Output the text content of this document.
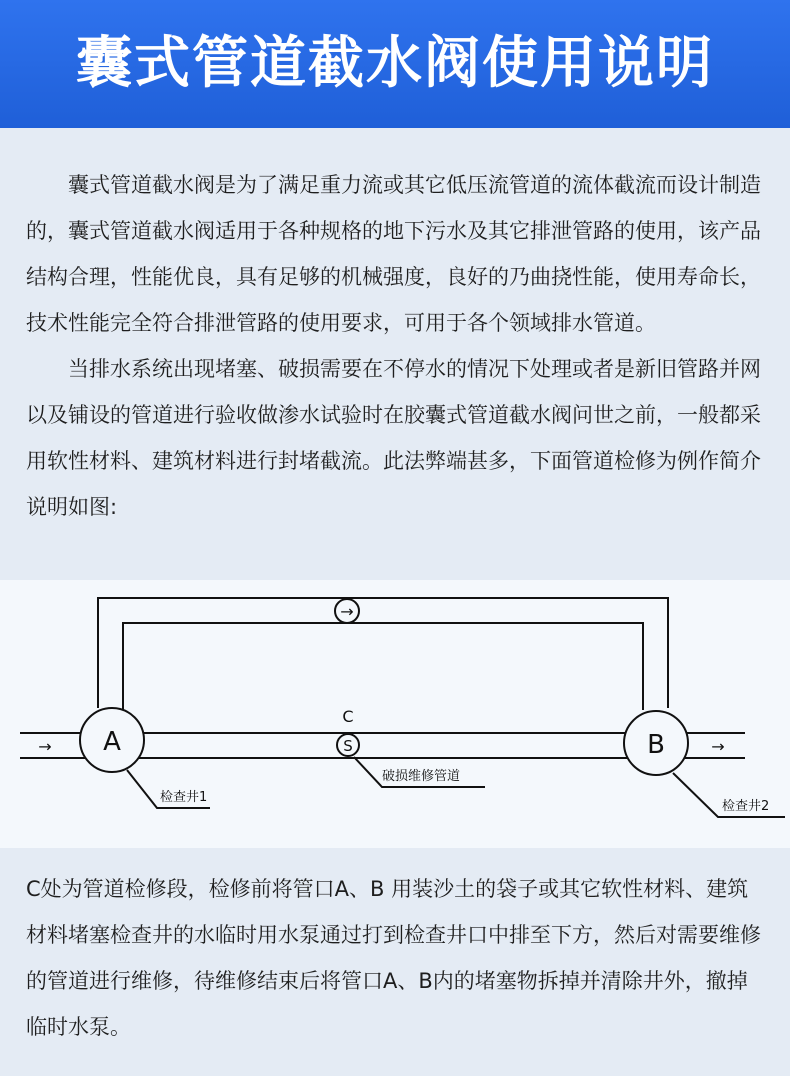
囊式管道截水阀使用说明

囊式管道截水阀是为了满足重力流或其它低压流管道的流体截流而设计制造的，囊式管道截水阀适用于各种规格的地下污水及其它排泄管路的使用，该产品结构合理，性能优良，具有足够的机械强度，良好的乃曲挠性能，使用寿命长，技术性能完全符合排泄管路的使用要求，可用于各个领域排水管道。

当排水系统出现堵塞、破损需要在不停水的情况下处理或者是新旧管路并网以及铺设的管道进行验收做渗水试验时在胶囊式管道截水阀问世之前，一般都采用软性材料、建筑材料进行封堵截流。此法弊端甚多，下面管道检修为例作简介说明如图:

A	B
→
→	→
C
S
检查井1
破损维修管道
检查井2

C处为管道检修段，检修前将管口A、B 用装沙土的袋子或其它软性材料、建筑材料堵塞检查井的水临时用水泵通过打到检查井口中排至下方，然后对需要维修的管道进行维修，待维修结束后将管口A、B内的堵塞物拆掉并清除井外，撤掉临时水泵。
